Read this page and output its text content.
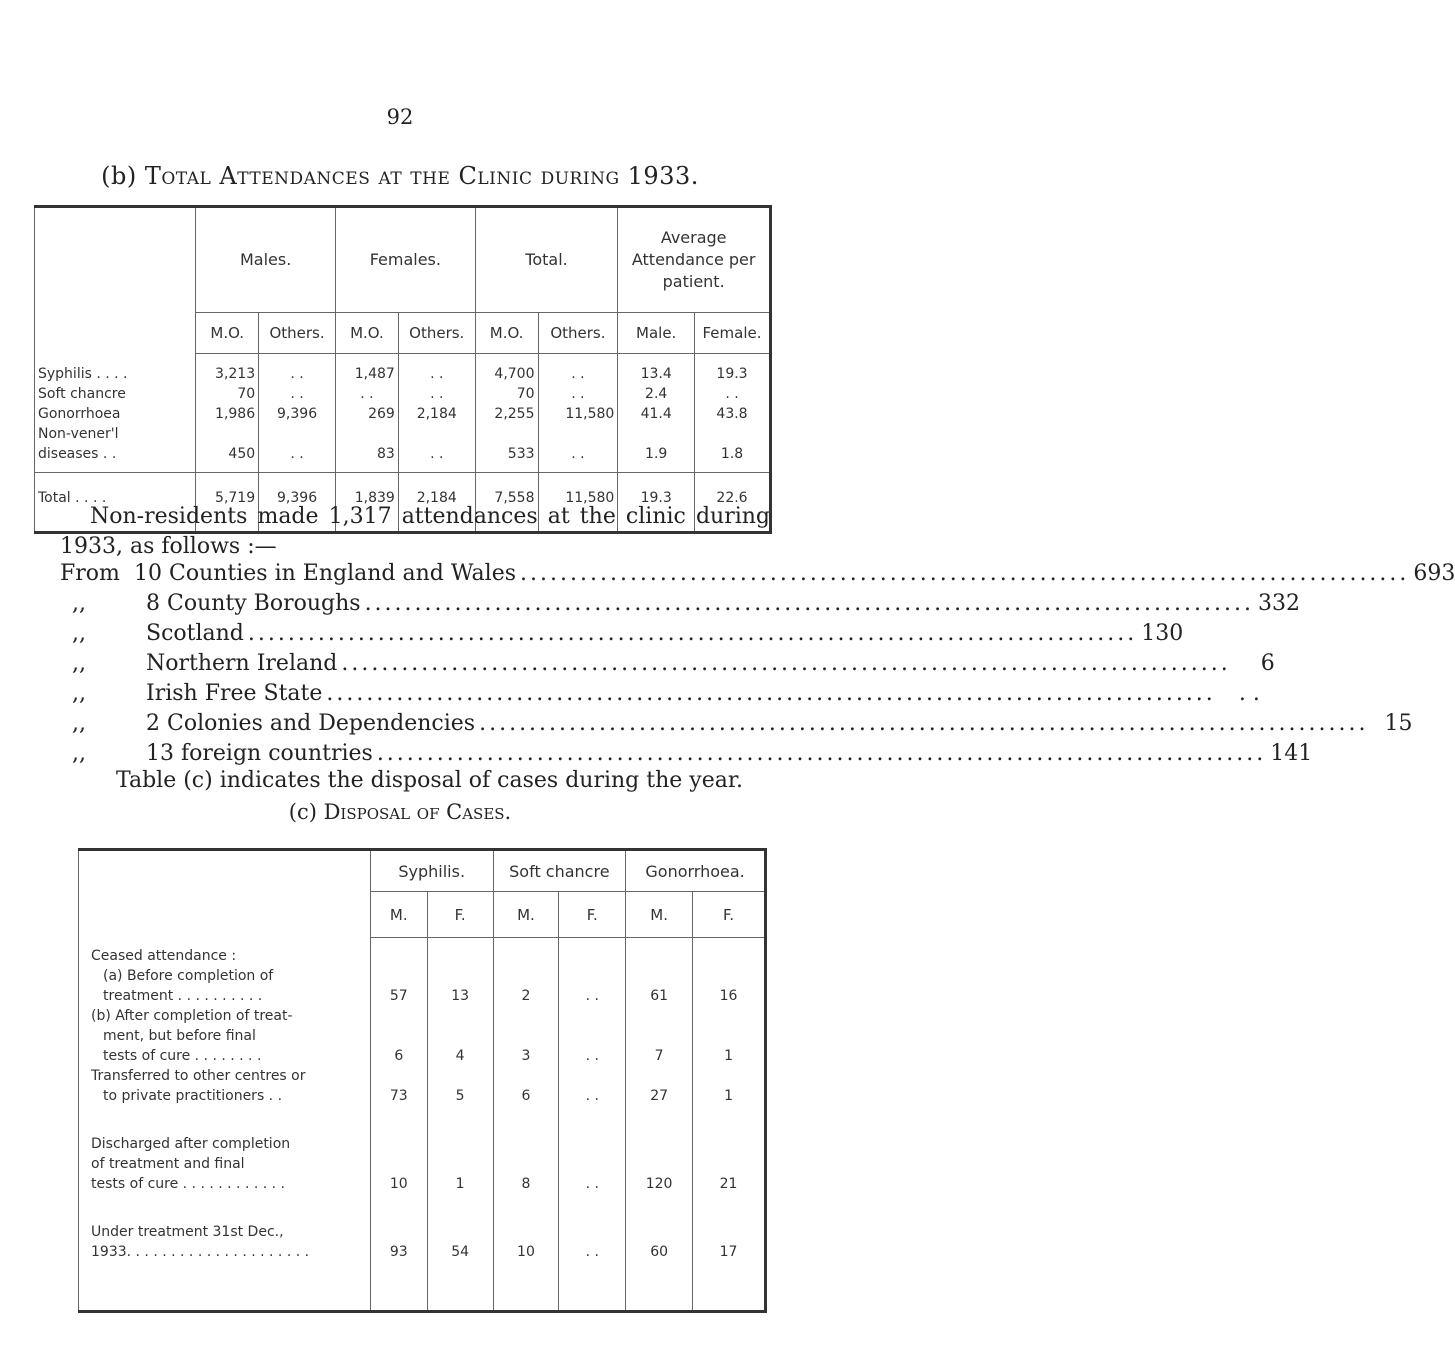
92
(b) Total Attendances at the Clinic during 1933.
	Males.		Females.		Total.		Average Attendance per patient.	
	M.O.	Others.	M.O.	Others.	M.O.	Others.	Male.	Female.
Syphilis . . . .	3,213	. .	1,487	. .	4,700	. .	13.4	19.3
Soft chancre	70	. .	. .	. .	70	. .	2.4	. .
Gonorrhoea	1,986	9,396	269	2,184	2,255	11,580	41.4	43.8
Non-vener'l
diseases . .	450	. .	83	. .	533	. .	1.9	1.8
Total . . . .	5,719	9,396	1,839	2,184	7,558	11,580	19.3	22.6
Non-residents made 1,317 attendances at the clinic during 1933, as follows :—
From 10 Counties in England and Wales ......................................................................................... 693
,,	8 County Boroughs ......................................................................................... 332
,,	Scotland ......................................................................................... 130
,,	Northern Ireland .........................................................................................	6
,,	Irish Free State .........................................................................................	. .
,,	2 Colonies and Dependencies ......................................................................................... 15
,,	13 foreign countries ......................................................................................... 141
Table (c) indicates the disposal of cases during the year.
(c) Disposal of Cases.
	Syphilis.		Soft chancre		Gonorrhoea.	
	M.	F.	M.	F.	M.	F.
Ceased attendance :
(a) Before completion of
treatment . . . . . . . . . .	57	13	2	. .	61	16
(b) After completion of treat-
ment, but before final
tests of cure . . . . . . . .	6	4	3	. .	7	1
Transferred to other centres or
to private practitioners . .	73	5	6	. .	27	1
Discharged after completion
of treatment and final
tests of cure . . . . . . . . . . . .	10	1	8	. .	120	21
Under treatment 31st Dec.,
1933. . . . . . . . . . . . . . . . . . . . .	93	54	10	. .	60	17
